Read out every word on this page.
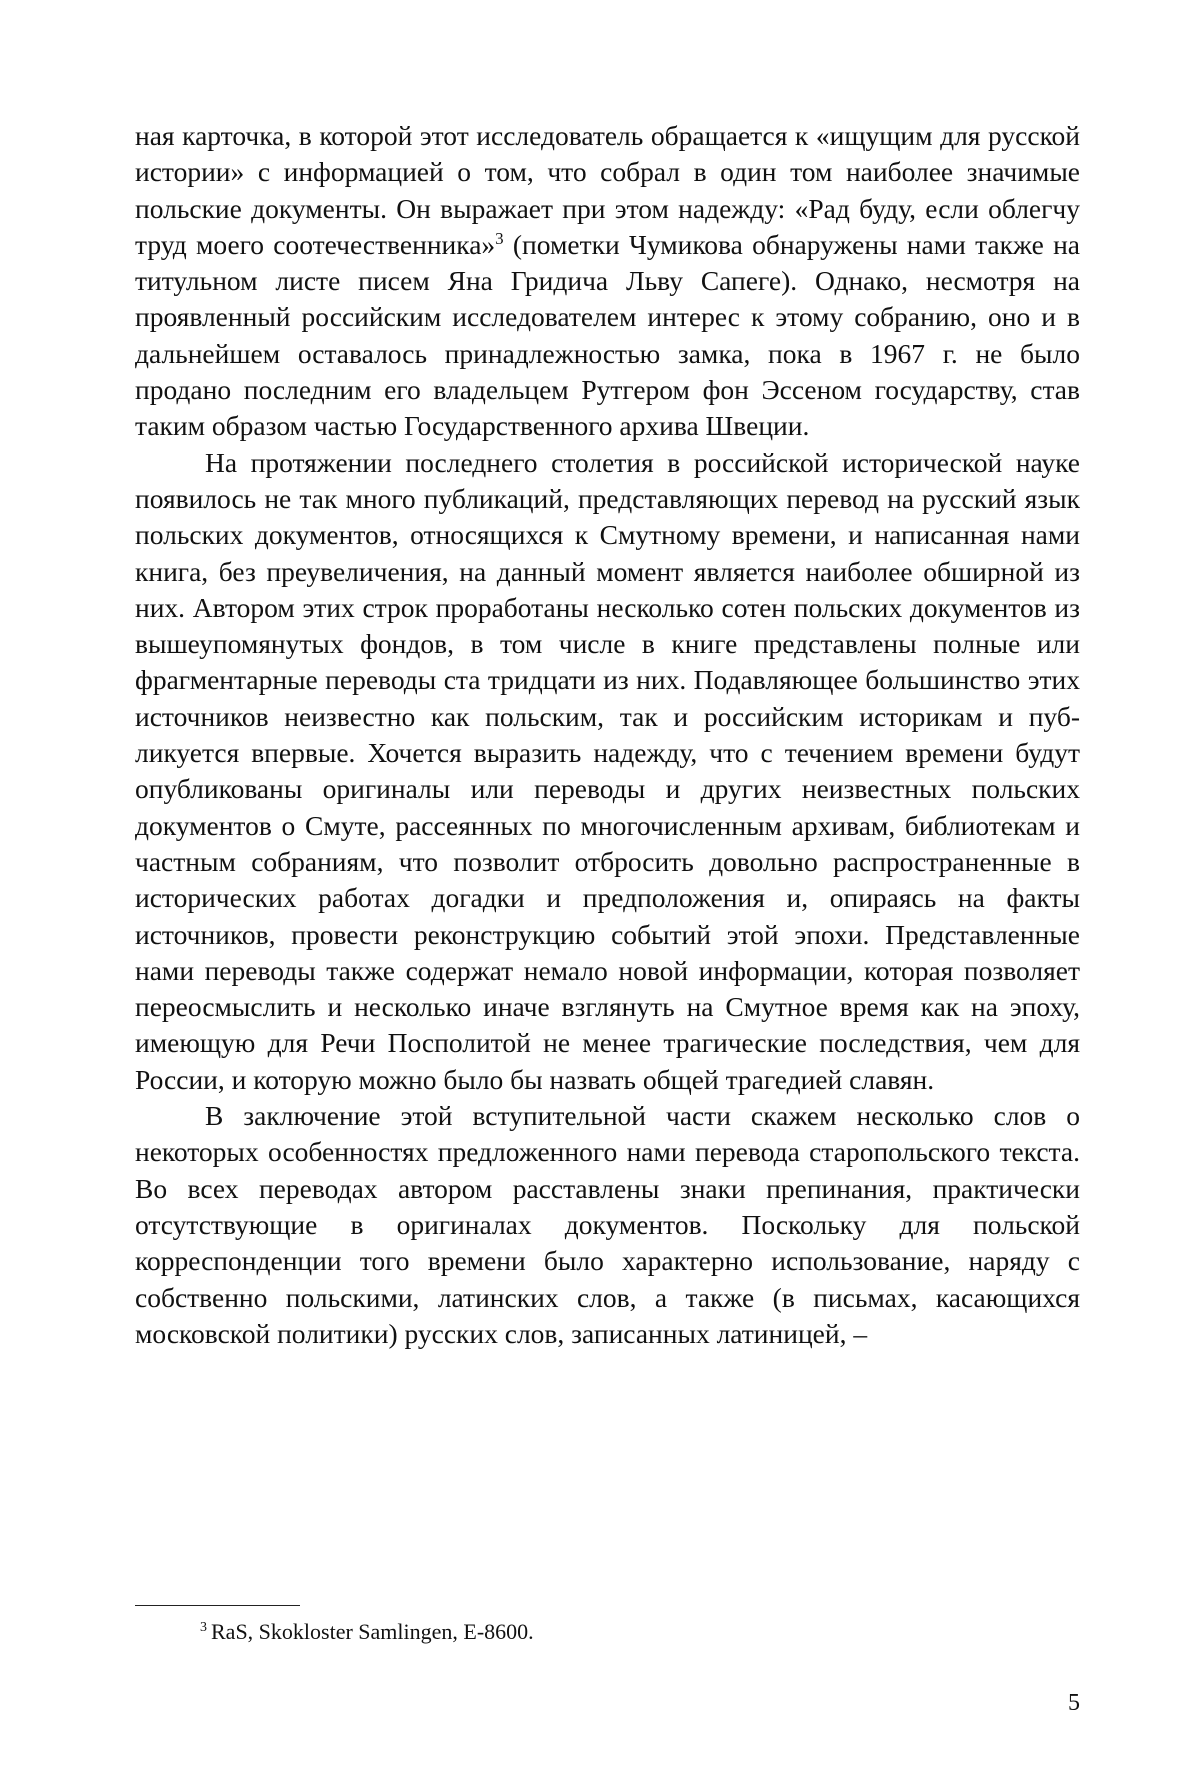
ная карточка, в которой этот исследователь обращается к «ищущим для русской истории» с информацией о том, что собрал в один том наиболее значимые польские документы. Он выражает при этом надежду: «Рад буду, если облегчу труд моего соотечественника»$^3$ (пометки Чумикова обнаружены нами также на титульном листе писем Яна Гридича Льву Сапеге). Однако, несмотря на проявленный российским исследователем интерес к этому собранию, оно и в дальнейшем оставалось принадлежностью замка, пока в 1967 г. не было продано последним его владельцем Рутгером фон Эссеном государству, став таким образом частью Государственного архива Швеции.

На протяжении последнего столетия в российской исторической науке появилось не так много публикаций, представляющих перевод на русский язык польских документов, относящихся к Смутному времени, и написанная нами книга, без преувеличения, на данный момент является наиболее обширной из них. Автором этих строк проработаны несколько сотен польских документов из вышеупомянутых фондов, в том числе в книге представлены полные или фрагментарные переводы ста тридцати из них. Подавляющее большинство этих источников неизвестно как польским, так и российским историкам и публикуется впервые. Хочется выразить надежду, что с течением времени будут опубликованы оригиналы или переводы и других неизвестных польских документов о Смуте, рассеянных по многочисленным архивам, библиотекам и частным собраниям, что позволит отбросить довольно распространенные в исторических работах догадки и предположения и, опираясь на факты источников, провести реконструкцию событий этой эпохи. Представленные нами переводы также содержат немало новой информации, которая позволяет переосмыслить и несколько иначе взглянуть на Смутное время как на эпоху, имеющую для Речи Посполитой не менее трагические последствия, чем для России, и которую можно было бы назвать общей трагедией славян.

В заключение этой вступительной части скажем несколько слов о некоторых особенностях предложенного нами перевода старопольского текста. Во всех переводах автором расставлены знаки препинания, практически отсутствующие в оригиналах документов. Поскольку для польской корреспонденции того времени было характерно использование, наряду с собственно польскими, латинских слов, а также (в письмах, касающихся московской политики) русских слов, записанных латиницей, –

$^3$ RaS, Skokloster Samlingen, E-8600.
5
